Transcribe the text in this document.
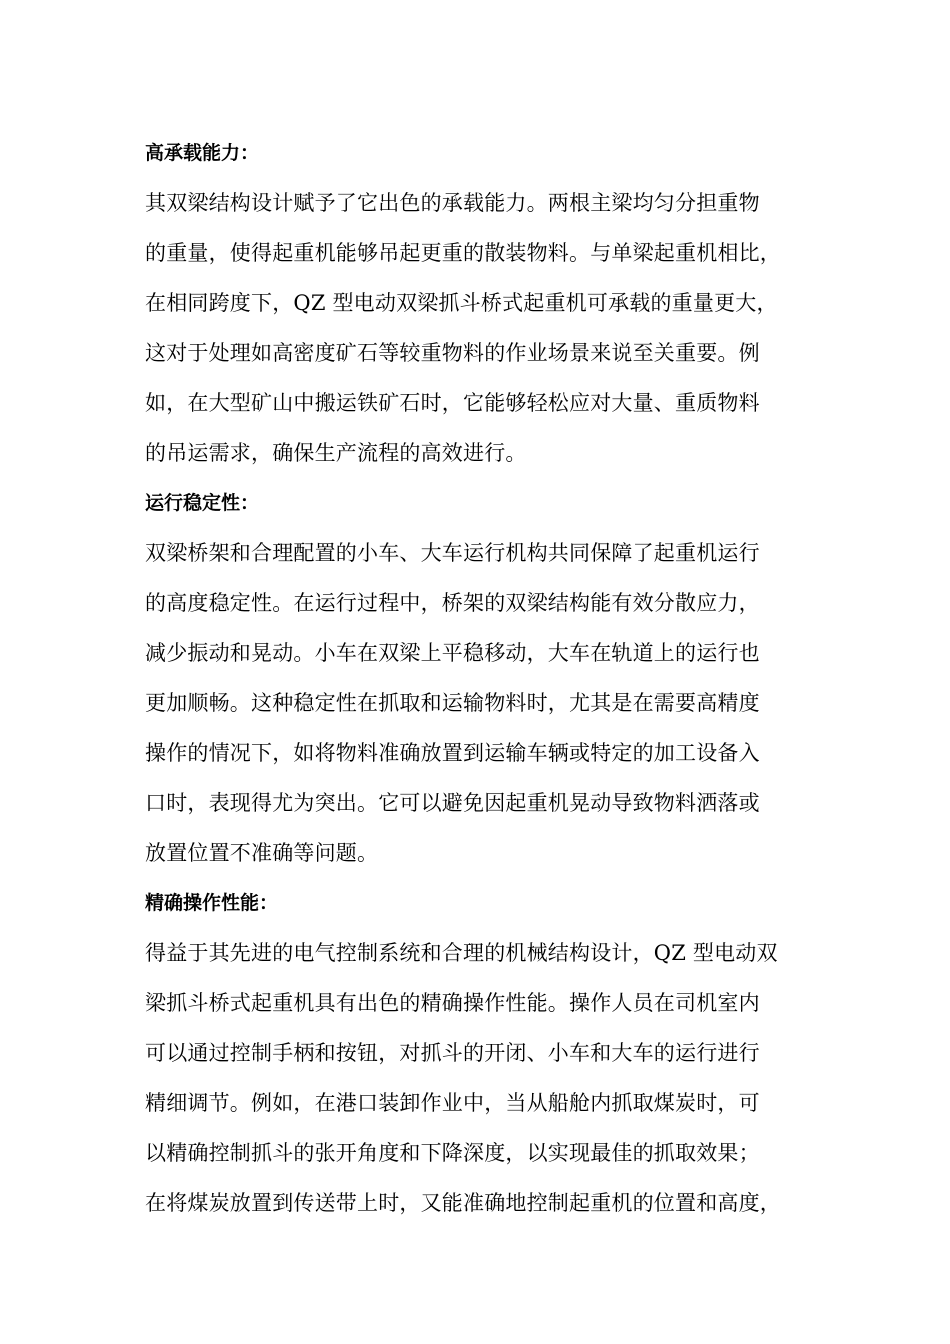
高承载能力：
其双梁结构设计赋予了它出色的承载能力。两根主梁均匀分担重物
的重量，使得起重机能够吊起更重的散装物料。与单梁起重机相比，
在相同跨度下，QZ 型电动双梁抓斗桥式起重机可承载的重量更大，
这对于处理如高密度矿石等较重物料的作业场景来说至关重要。例
如，在大型矿山中搬运铁矿石时，它能够轻松应对大量、重质物料
的吊运需求，确保生产流程的高效进行。
运行稳定性：
双梁桥架和合理配置的小车、大车运行机构共同保障了起重机运行
的高度稳定性。在运行过程中，桥架的双梁结构能有效分散应力，
减少振动和晃动。小车在双梁上平稳移动，大车在轨道上的运行也
更加顺畅。这种稳定性在抓取和运输物料时，尤其是在需要高精度
操作的情况下，如将物料准确放置到运输车辆或特定的加工设备入
口时，表现得尤为突出。它可以避免因起重机晃动导致物料洒落或
放置位置不准确等问题。
精确操作性能：
得益于其先进的电气控制系统和合理的机械结构设计，QZ 型电动双
梁抓斗桥式起重机具有出色的精确操作性能。操作人员在司机室内
可以通过控制手柄和按钮，对抓斗的开闭、小车和大车的运行进行
精细调节。例如，在港口装卸作业中，当从船舱内抓取煤炭时，可
以精确控制抓斗的张开角度和下降深度，以实现最佳的抓取效果；
在将煤炭放置到传送带上时，又能准确地控制起重机的位置和高度，
